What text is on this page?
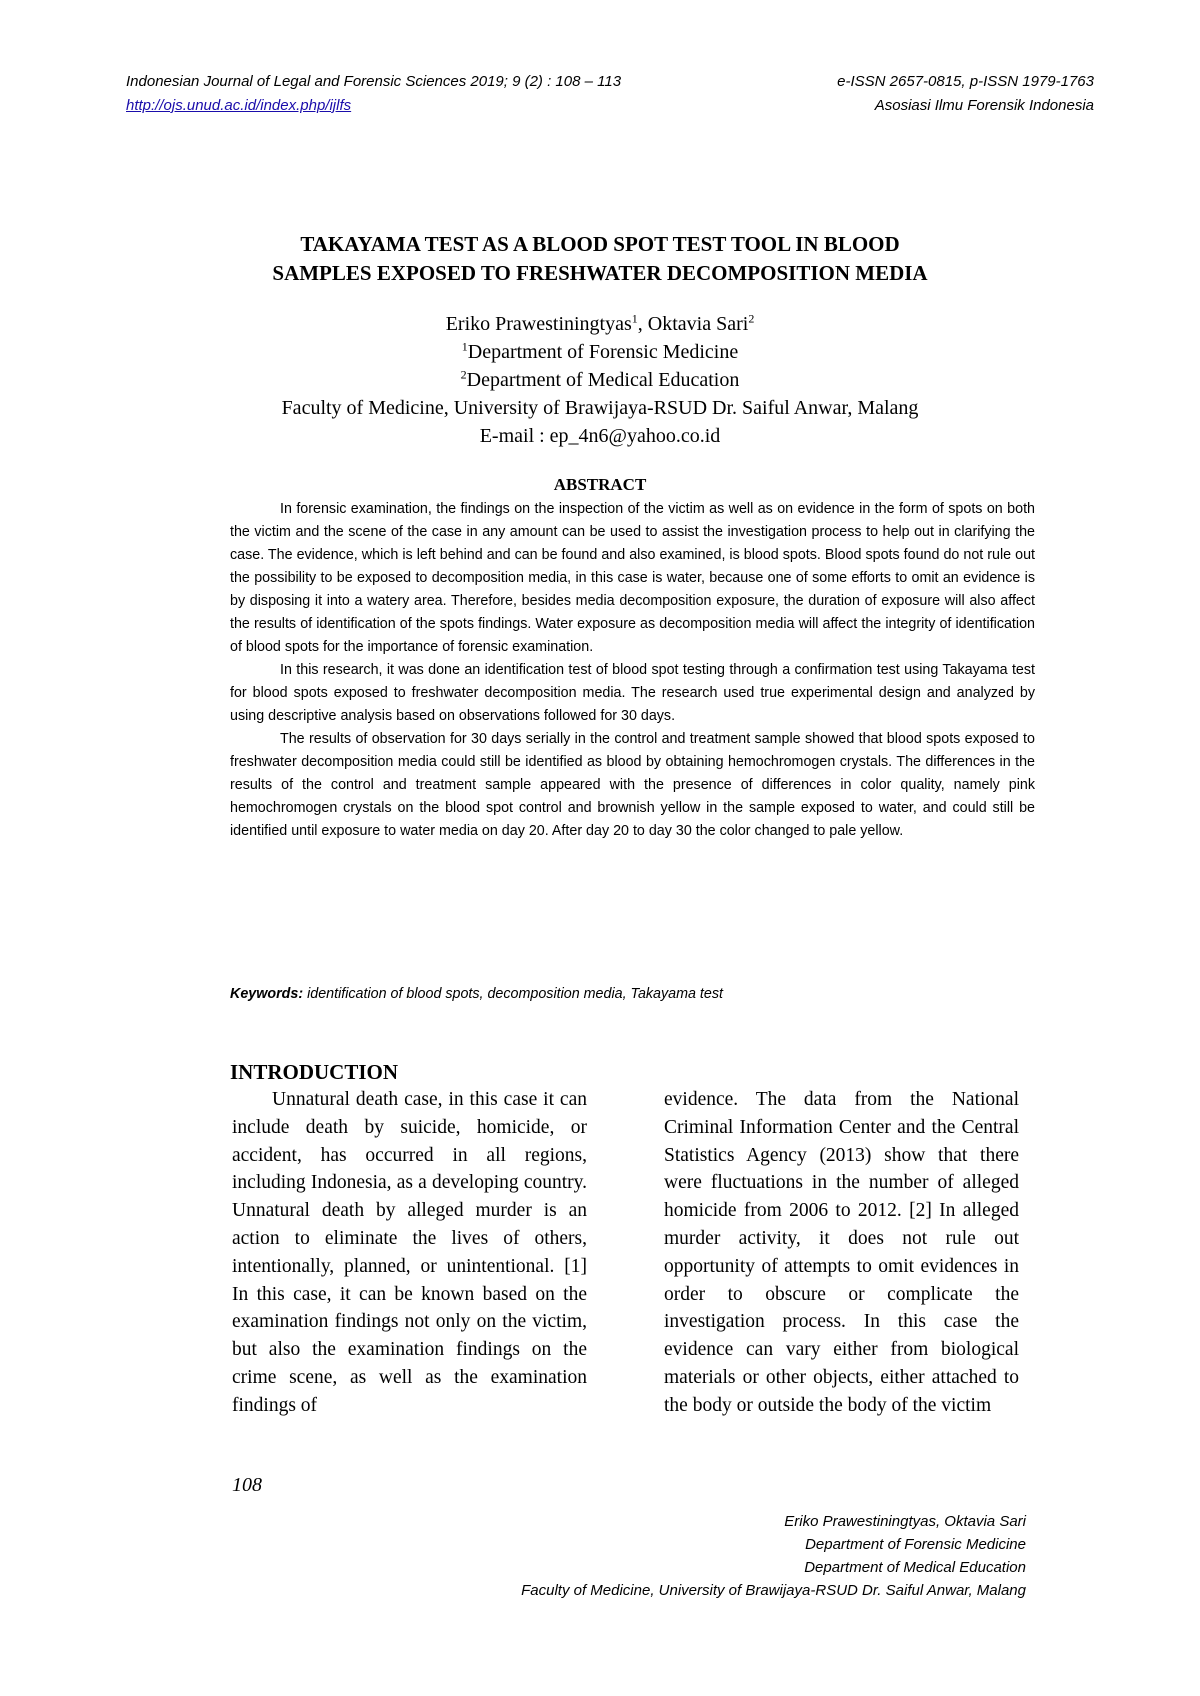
Indonesian Journal of Legal and Forensic Sciences 2019; 9 (2) : 108 – 113
http://ojs.unud.ac.id/index.php/ijlfs
e-ISSN 2657-0815, p-ISSN 1979-1763
Asosiasi Ilmu Forensik Indonesia
TAKAYAMA TEST AS A BLOOD SPOT TEST TOOL IN BLOOD
SAMPLES EXPOSED TO FRESHWATER DECOMPOSITION MEDIA
Eriko Prawestiningtyas$^1$, Oktavia Sari$^2$
$^1$Department of Forensic Medicine
$^2$Department of Medical Education
Faculty of Medicine, University of Brawijaya-RSUD Dr. Saiful Anwar, Malang
E-mail : ep_4n6@yahoo.co.id
ABSTRACT

In forensic examination, the findings on the inspection of the victim as well as on evidence in the form of spots on both the victim and the scene of the case in any amount can be used to assist the investigation process to help out in clarifying the case. The evidence, which is left behind and can be found and also examined, is blood spots. Blood spots found do not rule out the possibility to be exposed to decomposition media, in this case is water, because one of some efforts to omit an evidence is by disposing it into a watery area. Therefore, besides media decomposition exposure, the duration of exposure will also affect the results of identification of the spots findings. Water exposure as decomposition media will affect the integrity of identification of blood spots for the importance of forensic examination.

In this research, it was done an identification test of blood spot testing through a confirmation test using Takayama test for blood spots exposed to freshwater decomposition media. The research used true experimental design and analyzed by using descriptive analysis based on observations followed for 30 days.

The results of observation for 30 days serially in the control and treatment sample showed that blood spots exposed to freshwater decomposition media could still be identified as blood by obtaining hemochromogen crystals. The differences in the results of the control and treatment sample appeared with the presence of differences in color quality, namely pink hemochromogen crystals on the blood spot control and brownish yellow in the sample exposed to water, and could still be identified until exposure to water media on day 20. After day 20 to day 30 the color changed to pale yellow.

Keywords: identification of blood spots, decomposition media, Takayama test
INTRODUCTION

Unnatural death case, in this case it can include death by suicide, homicide, or accident, has occurred in all regions, including Indonesia, as a developing country. Unnatural death by alleged murder is an action to eliminate the lives of others, intentionally, planned, or unintentional. [1] In this case, it can be known based on the examination findings not only on the victim, but also the examination findings on the crime scene, as well as the examination findings of

evidence. The data from the National Criminal Information Center and the Central Statistics Agency (2013) show that there were fluctuations in the number of alleged homicide from 2006 to 2012. [2] In alleged murder activity, it does not rule out opportunity of attempts to omit evidences in order to obscure or complicate the investigation process. In this case the evidence can vary either from biological materials or other objects, either attached to the body or outside the body of the victim

108
Eriko Prawestiningtyas, Oktavia Sari
Department of Forensic Medicine
Department of Medical Education
Faculty of Medicine, University of Brawijaya-RSUD Dr. Saiful Anwar, Malang
